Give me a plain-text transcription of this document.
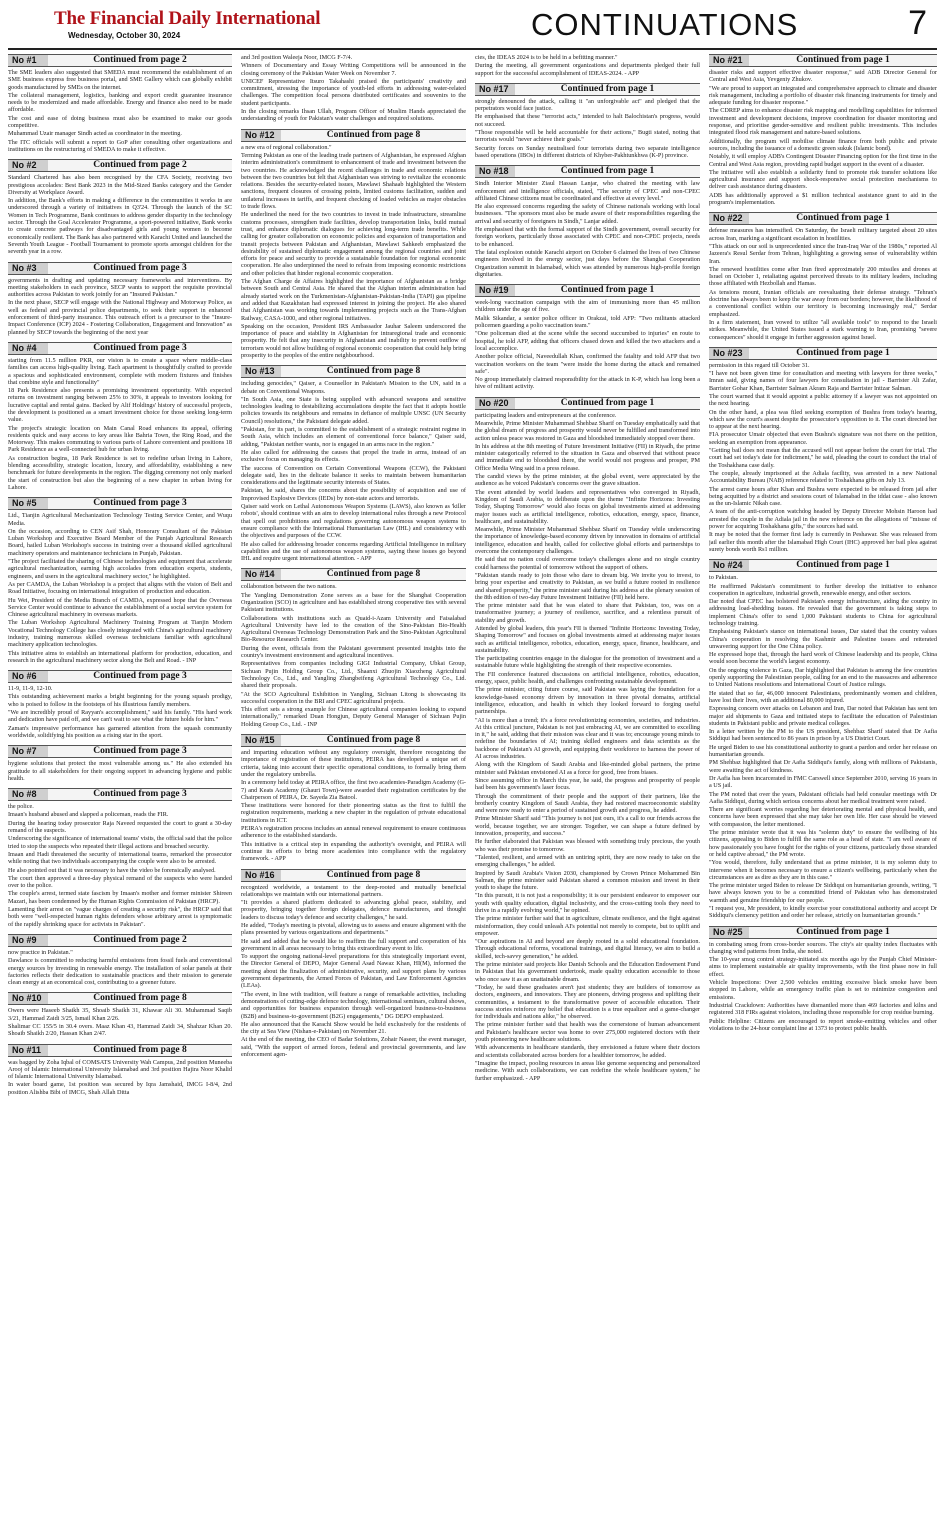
The Financial Daily International
Wednesday, October 30, 2024	CONTINUATIONS	7
No #1	Continued from page 2

The SME leaders also suggested that SMEDA must recommend the establishment of an SME business express free business portal, and SME Gallery which can globally exhibit goods manufactured by SMEs on the internet.

The collateral management, logistics, banking and export credit guarantee insurance needs to be modernized and made affordable. Energy and finance also need to be made affordable.

The cost and ease of doing business must also be examined to make our goods competitive.

Muhammad Uzair manager Sindh acted as coordinator in the meeting.

The ITC officials will submit a report to GoP after consulting other organizations and institutions on the restructuring of SMEDA to make it effective.

No #2	Continued from page 2

Standard Chartered has also been recognised by the CFA Society, receiving two prestigious accolades: Best Bank 2023 in the Mid-Sized Banks category and the Gender Diversity at Workplace Award.

In addition, the Bank's efforts in making a difference in the communities it works in are underscored through a variety of initiatives in Q3'24. Through the launch of the SC Women in Tech Programme, Bank continues to address gender disparity in the technology sector. Through the Goal Accelerator Programme, a sport-powered initiative, Bank works to create concrete pathways for disadvantaged girls and young women to become economically resilient. The Bank has also partnered with Karachi United and launched the Seventh Youth League - Football Tournament to promote sports amongst children for the seventh year in a row.

No #3	Continued from page 3

governments in drafting and updating necessary frameworks and interventions. By meeting stakeholders in each province, SECP wants to support the requisite provincial authorities across Pakistan to work jointly for an "Insured Pakistan."

In the next phase, SECP will engage with the National Highway and Motorway Police, as well as federal and provincial police departments, to seek their support in enhanced enforcement of third-party insurance. This outreach effort is a precursor to the "Insure-Impact Conference (ICP) 2024 - Fostering Collaboration, Engagement and Innovation" as planned by SECP towards the beginning of the next year

No #4	Continued from page 3

starting from 11.5 million PKR, our vision is to create a space where middle-class families can access high-quality living. Each apartment is thoughtfully crafted to provide a spacious and sophisticated environment, complete with modern fixtures and finishes that combine style and functionality"

18 Park Residence also presents a promising investment opportunity. With expected returns on investment ranging between 25% to 30%, it appeals to investors looking for lucrative capital and rental gains. Backed by Alif Holdings' history of successful projects, the development is positioned as a smart investment choice for those seeking long-term value.

The project's strategic location on Main Canal Road enhances its appeal, offering residents quick and easy access to key areas like Bahria Town, the Ring Road, and the Motorway. This makes commuting to various parts of Lahore convenient and positions 18 Park Residence as a well-connected hub for urban living.

As construction begins, 18 Park Residence is set to redefine urban living in Lahore, blending accessibility, strategic location, luxury, and affordability, establishing a new benchmark for future developments in the region. The digging ceremony not only marked the start of construction but also the beginning of a new chapter in urban living for Lahore.

No #5	Continued from page 3

Ltd., Tianjin Agricultural Mechanization Technology Testing Service Center, and Wuqu Media.

On the occasion, according to CEN Asif Shah, Honorary Consultant of the Pakistan Luban Workshop and Executive Board Member of the Punjab Agricultural Research Board, hailed Luban Workshop's success in training over a thousand skilled agricultural machinery operators and maintenance technicians in Punjab, Pakistan.

"The project facilitated the sharing of Chinese technologies and equipment that accelerate agricultural mechanization, earning high accolades from education experts, students, engineers, and users in the agricultural machinery sector," he highlighted.

As per CAMDA, the Luban Workshop is a project that aligns with the vision of Belt and Road Initiative, focusing on international integration of production and education.

Hu Wei, President of the Media Branch of CAMDA, expressed hope that the Overseas Service Center would continue to advance the establishment of a social service system for Chinese agricultural machinery in overseas markets.

The Luban Workshop Agricultural Machinery Training Program at Tianjin Modern Vocational Technology College has closely integrated with China's agricultural machinery industry, training numerous skilled overseas technicians familiar with agricultural machinery application technologies.

This initiative aims to establish an international platform for production, education, and research in the agricultural machinery sector along the Belt and Road. - INP

No #6	Continued from page 3

11-9, 11-9, 12-10.

This outstanding achievement marks a bright beginning for the young squash prodigy, who is poised to follow in the footsteps of his illustrious family members.

"We are incredibly proud of Rayyan's accomplishment," said his family. "His hard work and dedication have paid off, and we can't wait to see what the future holds for him."

Zaman's impressive performance has garnered attention from the squash community worldwide, solidifying his position as a rising star in the sport.

No #7	Continued from page 3

hygiene solutions that protect the most vulnerable among us." He also extended his gratitude to all stakeholders for their ongoing support in advancing hygiene and public health.

No #8	Continued from page 3

the police.

Imaan's husband abused and slapped a policeman, reads the FIR.

During the hearing today prosecutor Raja Naveed requested the court to grant a 30-day remand of the suspects.

Underscoring the significance of international teams' visits, the official said that the police tried to stop the suspects who repeated their illegal actions and breached security.

Imaan and Hadi threatened the security of international teams, remarked the prosecutor while noting that two individuals accompanying the couple were also to be arrested.

He also pointed out that it was necessary to have the video be forensically analysed.

The court then approved a three-day physical remand of the suspects who were handed over to the police.

The couple's arrest, termed state fascism by Imaan's mother and former minister Shireen Mazari, has been condemned by the Human Rights Commission of Pakistan (HRCP).

Lamenting their arrest on "vague charges of creating a security risk", the HRCP said that both were "well-respected human rights defenders whose arbitrary arrest is symptomatic of the rapidly shrinking space for activists in Pakistan".

No #9	Continued from page 2

now practice in Pakistan."

Dawlance is committed to reducing harmful emissions from fossil fuels and conventional energy sources by investing in renewable energy. The installation of solar panels at their factories reflects their dedication to sustainable practices and their mission to generate clean energy at an economical cost, contributing to a greener future.

No #10	Continued from page 8

Owers were Haseeb Shaikh 35, Shoaib Shaikh 31, Khawar Ali 30. Muhammad Saqib 3/21, Hammad Zaidi 3/25, Ismail Khan 2/26.

Shalimar CC 155/5 in 30.4 overs. Maaz Khan 43, Hammad Zaidi 34, Shahzar Khan 20. Shoaib Shaikh 2/20, Hassan Khan 2/47.

No #11	Continued from page 8

was bagged by Zoha Iqbal of COMSATS University Wah Campus, 2nd position Muneeba Arooj of Islamic International University Islamabad and 3rd position Hajira Noor Khalid of Islamic International University Islamabad.

In water board game, 1st position was secured by Iqra Jamshaid, IMCG I-8/4, 2nd position Alishba Bibi of IMCG, Shah Allah Ditta

and 3rd position Waleeja Noor, IMCG F-7/4.

Winners of Documentary and Essay Writing Competitions will be announced in the closing ceremony of the Pakistan Water Week on November 7.

UNICEF Representative Itsuro Takahashi praised the participants' creativity and commitment, stressing the importance of youth-led efforts in addressing water-related challenges. The competition focal persons distributed certificates and souvenirs to the student participants.

In the closing remarks Ihsan Ullah, Program Officer of Muslim Hands appreciated the understanding of youth for Pakistan's water challenges and required solutions.

No #12	Continued from page 8

a new era of regional collaboration."

Terming Pakistan as one of the leading trade partners of Afghanistan, he expressed Afghan interim administration's commitment to enhancement of trade and investment between the two countries. He acknowledged the recent challenges in trade and economic relations between the two countries but felt that Afghanistan was striving to revitalize the economic relations. Besides the security-related issues, Mawlawi Shahaab highlighted the Western sanctions, frequent closures of crossing points, limited customs facilitation, sudden and unilateral increases in tariffs, and frequent checking of loaded vehicles as major obstacles to trade flows.

He underlined the need for the two countries to invest in trade infrastructure, streamline customs processes, strengthen trade facilities, develop transportation links, build mutual trust, and enhance diplomatic dialogues for achieving long-term trade benefits. While calling for greater collaboration on economic policies and expansion of transportation and transit projects between Pakistan and Afghanistan, Mawlawi Sahkeeb emphasized the desirability of sustained diplomatic engagement among the regional countries and joint efforts for peace and security to provide a sustainable foundation for regional economic cooperation. He also underpinned the need to refrain from imposing economic restrictions and other policies that hinder regional economic cooperation.

The Afghan Charge de Affaires highlighted the importance of Afghanistan as a bridge between South and Central Asia. He shared that the Afghan interim administration had already started work on the Turkmenistan-Afghanistan-Pakistan-India (TAPI) gas pipeline and added that Kazakhstan had expressed interest in joining the project. He also shared that Afghanistan was working towards implementing projects such as the Trans-Afghan Railway, CASA-1000, and other regional initiatives.

Speaking on the occasion, President IRS Ambassador Jauhar Saleem underscored the importance of peace and stability in Afghanistan for intraregional trade and economic prosperity. He felt that any insecurity in Afghanistan and inability to prevent outflow of terrorism would not allow building of regional economic cooperation that could help bring prosperity to the peoples of the entire neighbourhood.

No #13	Continued from page 8

including genocides," Qaiser, a Counsellor in Pakistan's Mission to the UN, said in a debate on Conventional Weapons.

"In South Asia, one State is being supplied with advanced weapons and sensitive technologies leading to destabilizing accumulations despite the fact that it adopts hostile policies towards its neighbours and remains in defiance of multiple UNSC (UN Security Council) resolutions," the Pakistani delegate added.

"Pakistan, for its part, is committed to the establishment of a strategic restraint regime in South Asia, which includes an element of conventional force balance," Qaiser said, adding, "Pakistan neither wants, nor is engaged in an arms race in the region."

He also called for addressing the causes that propel the trade in arms, instead of an exclusive focus on managing its effects.

The success of Convention on Certain Conventional Weapons (CCW), the Pakistani delegate said, lies in the delicate balance it seeks to maintain between humanitarian considerations and the legitimate security interests of States.

Pakistan, he said, shares the concerns about the possibility of acquisition and use of Improvised Explosive Devices (IEDs) by non-state actors and terrorists.

Qaiser said work on Lethal Autonomous Weapon Systems (LAWS), also known as 'killer robots', should continue with an aim to develop international rules through a new Protocol that spell out prohibitions and regulations governing autonomous weapon systems to ensure compliance with the International Humanitarian Law (IHL) and consistency with the objectives and purposes of the CCW.

He also called for addressing broader concerns regarding Artificial Intelligence in military capabilities and the use of autonomous weapon systems, saying these issues go beyond IHL and require urgent international attention. - APP

No #14	Continued from page 8

collaboration between the two nations.

The Yangling Demonstration Zone serves as a base for the Shanghai Cooperation Organization (SCO) in agriculture and has established strong cooperative ties with several Pakistani institutions.

Collaborations with institutions such as Quaid-i-Azam University and Faisalabad Agricultural University have led to the creation of the Sino-Pakistan Bio-Health Agricultural Overseas Technology Demonstration Park and the Sino-Pakistan Agricultural Bio-Resource Research Center.

During the event, officials from the Pakistani government presented insights into the country's investment environment and agricultural incentives.

Representatives from companies including GIGI Industrial Company, Ubkai Group, Sichuan Pujin Holding Group Co., Ltd., Shaanxi Zhuojin Xiaozheng Agricultural Technology Co., Ltd., and Yangling Zhangbeifeng Agricultural Technology Co., Ltd. shared their proposals.

"At the SCO Agricultural Exhibition in Yangling, Sichuan Litong is showcasing its successful cooperation in the BRI and CPEC agricultural projects.

This effort sets a strong example for Chinese agricultural companies looking to expand internationally," remarked Duan Hongjun, Deputy General Manager of Sichuan Pujin Holding Group Co., Ltd. - INP

No #15	Continued from page 8

and imparting education without any regulatory oversight, therefore recognizing the importance of registration of these institutions, PEIRA has developed a unique set of criteria, taking into account their specific operational conditions, to formally bring them under the regulatory umbrella.

In a ceremony held today at PEIRA office, the first two academies-Paradigm Academy (G-7) and Keats Academy (Ghauri Town)-were awarded their registration certificates by the Chairperson of PEIRA, Dr. Sayeda Zia Batool.

These institutions were honored for their pioneering status as the first to fulfill the registration requirements, marking a new chapter in the regulation of private educational institutions in ICT.

PEIRA's registration process includes an annual renewal requirement to ensure continuous adherence to the established standards.

This initiative is a critical step in expanding the authority's oversight, and PEIRA will continue its efforts to bring more academies into compliance with the regulatory framework. - APP

No #16	Continued from page 8

recognized worldwide, a testament to the deep-rooted and mutually beneficial relationships we maintain with our international partners.

"It provides a shared platform dedicated to advancing global peace, stability, and prosperity, bringing together foreign delegates, defence manufacturers, and thought leaders to discuss today's defence and security challenges," he said.

He added, "Today's meeting is pivotal, allowing us to assess and ensure alignment with the plans presented by various organizations and departments."

He said and added that he would like to reaffirm the full support and cooperation of his government in all areas necessary to bring this extraordinary event to life.

To support the ongoing national-level preparations for this strategically important event, the Director General of DEPO, Major General Asad Nawaz Khan, HI(M), informed the meeting about the finalization of administrative, security, and support plans by various government departments, the Armed Forces of Pakistan, and Law Enforcement Agencies (LEAs).

"The event, in line with tradition, will feature a range of remarkable activities, including demonstrations of cutting-edge defence technology, international seminars, cultural shows, and opportunities for business expansion through well-organized business-to-business (B2B) and business-to-government (B2G) engagements," DG DEPO emphasized.

He also announced that the Karachi Show would be held exclusively for the residents of the city at Sea View (Nishan-e-Pakistan) on November 21.

At the end of the meeting, the CEO of Badar Solutions, Zohair Naseer, the event manager, said, "With the support of armed forces, federal and provincial governments, and law enforcement agen-

cies, the IDEAS 2024 is to be held in a befitting manner."

During the meeting, all government organizations and departments pledged their full support for the successful accomplishment of IDEAS-2024. - APP

No #17	Continued from page 1

strongly denounced the attack, calling it "an unforgivable act" and pledged that the perpetrators would face justice.

He emphasised that these "terrorist acts," intended to halt Balochistan's progress, would not succeed.

"Those responsible will be held accountable for their actions," Bugti stated, noting that terrorists would "never achieve their goals."

Security forces on Sunday neutralised four terrorists during two separate intelligence based operations (IBOs) in different districts of Khyber-Pakhtunkhwa (K-P) province.

No #18	Continued from page 1

Sindh Interior Minister Ziaul Hassan Lanjar, who chaired the meeting with law enforcement and intelligence officials, stated, "The security of CPEC and non-CPEC affiliated Chinese citizens must be coordinated and effective at every level."

He also expressed concerns regarding the safety of Chinese nationals working with local businesses. "The sponsors must also be made aware of their responsibilities regarding the arrival and security of foreigners in Sindh," Lanjar added.

He emphasised that with the formal support of the Sindh government, overall security for foreign workers, particularly those associated with CPEC and non-CPEC projects, needs to be enhanced.

The fatal explosion outside Karachi airport on October 6 claimed the lives of two Chinese engineers involved in the energy sector, just days before the Shanghai Cooperation Organization summit in Islamabad, which was attended by numerous high-profile foreign dignitaries.

No #19	Continued from page 1

week-long vaccination campaign with the aim of immunising more than 45 million children under the age of five.

Malik Sikandar, a senior police officer in Orakzai, told AFP: "Two militants attacked policemen guarding a polio vaccination team."

"One policeman died at the scene while the second succumbed to injuries" en route to hospital, he told AFP, adding that officers chased down and killed the two attackers and a local accomplice.

Another police official, Naveedullah Khan, confirmed the fatality and told AFP that two vaccination workers on the team "were inside the home during the attack and remained safe".

No group immediately claimed responsibility for the attack in K-P, which has long been a hive of militant activity.

No #20	Continued from page 1

participating leaders and entrepreneurs at the conference.

Meanwhile, Prime Minister Muhammad Shehbaz Sharif on Tuesday emphatically said that the global dream of progress and prosperity would never be fulfilled and transformed into action unless peace was restored in Gaza and bloodshed immediately stopped over there.

In his address at the 8th meeting of Future Investment Initiative (FII) in Riyadh, the prime minister categorically referred to the situation in Gaza and observed that without peace and immediate end to bloodshed there, the world would not progress and prosper, PM Office Media Wing said in a press release.

The candid views by the prime minister, at the global event, were appreciated by the audience as he voiced Pakistan's concerns over the grave situation.

The event attended by world leaders and representatives who converged in Riyadh, Kingdom of Saudi Arabia, to deliberate upon the theme "Infinite Horizons: Investing Today, Shaping Tomorrow" would also focus on global investments aimed at addressing major issues such as artificial intelligence, robotics, education, energy, space, finance, healthcare, and sustainability.

Meanwhile, Prime Minister Muhammad Shehbaz Sharif on Tuesday while underscoring the importance of knowledge-based economy driven by innovation in domains of artificial intelligence, education and health, called for collective global efforts and partnerships to overcome the contemporary challenges.

He said that no nation could overcome today's challenges alone and no single country could harness the potential of tomorrow without the support of others.

"Pakistan stands ready to join those who dare to dream big. We invite you to invest, to bring your expertise and creativity to Pakistan, as we build a future rooted in resilience and shared prosperity," the prime minister said during his address at the plenary session of the 8th edition of two-day Future Investment Initiative (FII) held here.

The prime minister said that he was elated to share that Pakistan, too, was on a transformative journey; a journey of resilience, sacrifice, and a relentless pursuit of stability and growth.

Attended by global leaders, this year's FII is themed "Infinite Horizons: Investing Today, Shaping Tomorrow" and focuses on global investments aimed at addressing major issues such as artificial intelligence, robotics, education, energy, space, finance, healthcare, and sustainability.

The participating countries engage in the dialogue for the promotion of investment and a sustainable future while highlighting the strength of their respective economies.

The FII conference featured discussions on artificial intelligence, robotics, education, energy, space, public health, and challenges confronting sustainable development.

The prime minister, citing future course, said Pakistan was laying the foundation for a knowledge-based economy driven by innovation in three pivotal domains, artificial intelligence, education, and health in which they looked forward to forging useful partnerships.

"AI is more than a trend; it's a force revolutionizing economies, societies, and industries. At this critical juncture, Pakistan is not just embracing AI, we are committed to excelling in it," he said, adding that their mission was clear and it was to; encourage young minds to redefine the boundaries of AI; training skilled engineers and data scientists as the backbone of Pakistan's AI growth, and equipping their workforce to harness the power of AI across industries.

Along with the Kingdom of Saudi Arabia and like-minded global partners, the prime minister said Pakistan envisioned AI as a force for good, free from biases.

Since assuming office in March this year, he said, the progress and prosperity of people had been his government's laser focus.

Through the commitment of their people and the support of their partners, like the brotherly country Kingdom of Saudi Arabia, they had restored macroeconomic stability and were now ready to enter a period of sustained growth and progress, he added.

Prime Minister Sharif said "This journey is not just ours, it's a call to our friends across the world, because together, we are stronger. Together, we can shape a future defined by innovation, prosperity, and success."

He further elaborated that Pakistan was blessed with something truly precious, the youth who was their promise to tomorrow.

"Talented, resilient, and armed with an untiring spirit, they are now ready to take on the emerging challenges," he added.

Inspired by Saudi Arabia's Vision 2030, championed by Crown Prince Mohammed Bin Salman, the prime minister said Pakistan shared a common mission and invest in their youth to shape the future.

"In this pursuit, it is not just a responsibility; it is our persistent endeavor to empower our youth with quality education, digital inclusivity, and the cross-cutting tools they need to thrive in a rapidly evolving world," he opined.

The prime minister further said that in agriculture, climate resilience, and the fight against misinformation, they could unleash AI's potential not merely to compete, but to uplift and empower.

"Our aspirations in AI and beyond are deeply rooted in a solid educational foundation. Through educational reforms, vocational trainings, and digital literacy, we aim to build a skilled, tech-savvy generation," he added.

The prime minister said projects like Danish Schools and the Education Endowment Fund in Pakistan that his government undertook, made quality education accessible to those who once saw it as an unattainable dream.

"Today, he said these graduates aren't just students; they are builders of tomorrow as doctors, engineers, and innovators. They are pioneers, driving progress and uplifting their communities, a testament to the transformative power of accessible education. Their success stories reinforce my belief that education is a true equalizer and a game-changer for individuals and nations alike," he observed.

The prime minister further said that health was the cornerstone of human advancement and Pakistan's healthcare sector was home to over 275,000 registered doctors with their youth pioneering new healthcare solutions.

With advancements in healthcare standards, they envisioned a future where their doctors and scientists collaborated across borders for a healthier tomorrow, he added.

"Imagine the impact, pooling resources in areas like genome sequencing and personalized medicine. With such collaborations, we can redefine the whole healthcare system," he further emphasized. - APP

No #21	Continued from page 1

disaster risks and support effective disaster response," said ADB Director General for Central and West Asia, Yevgeniy Zhukov.

"We are proud to support an integrated and comprehensive approach to climate and disaster risk management, including a portfolio of disaster risk financing instruments for timely and adequate funding for disaster response."

The CDREP aims to enhance disaster risk mapping and modelling capabilities for informed investment and development decisions, improve coordination for disaster monitoring and response, and prioritise gender-sensitive and resilient public investments. This includes integrated flood risk management and nature-based solutions.

Additionally, the program will mobilise climate finance from both public and private sources, including the issuance of a domestic green sukuk (Islamic bond).

Notably, it will employ ADB's Contingent Disaster Financing option for the first time in the Central and West Asia region, providing rapid budget support in the event of a disaster.

The initiative will also establish a solidarity fund to promote risk transfer solutions like agricultural insurance and support shock-responsive social protection mechanisms to deliver cash assistance during disasters.

ADB has additionally approved a $1 million technical assistance grant to aid in the program's implementation.

No #22	Continued from page 1

defense measures has intensified. On Saturday, the Israeli military targeted about 20 sites across Iran, marking a significant escalation in hostilities.

"This attack on our soil is unprecedented since the Iran-Iraq War of the 1980s," reported Al Jazeera's Resul Serdar from Tehran, highlighting a growing sense of vulnerability within Iran.

The renewed hostilities come after Iran fired approximately 200 missiles and drones at Israel on October 1, retaliating against perceived threats to its military leaders, including those affiliated with Hezbollah and Hamas.

As tensions mount, Iranian officials are reevaluating their defense strategy. "Tehran's doctrine has always been to keep the war away from our borders; however, the likelihood of a conventional conflict within our territory is becoming increasingly real," Serdar emphasized.

In a firm statement, Iran vowed to utilize "all available tools" to respond to the Israeli strikes. Meanwhile, the United States issued a stark warning to Iran, promising "severe consequences" should it engage in further aggression against Israel.

No #23	Continued from page 1

permission in this regard till October 31.

"I have not been given time for consultation and meeting with lawyers for three weeks," Imran said, giving names of four lawyers for consultation in jail - Barrister Ali Zafar, Barrister Gohar Khan, Barrister Salman Akram Raja and Barrister Intizar Salman.

The court warned that it would appoint a public attorney if a lawyer was not appointed on the next hearing.

On the other hand, a plea was filed seeking exemption of Bushra from today's hearing, which saw the court's assent despite the prosecutor's opposition to it. The court directed her to appear at the next hearing.

FIA prosecutor Umair objected that even Bushra's signature was not there on the petition, seeking an exemption from appearance.

"Getting bail does not mean that the accused will not appear before the court for trial. The court had set today's date for indictment," he said, pleading the court to conduct the trial of the Toshakhana case daily.

The couple, already imprisoned at the Adiala facility, was arrested in a new National Accountability Bureau (NAB) reference related to Toshakhana gifts on July 13.

The arrest came hours after Khan and Bushra were expected to be released from jail after being acquitted by a district and sessions court of Islamabad in the iddat case - also known as the un-Islamic Nikah case.

A team of the anti-corruption watchdog headed by Deputy Director Mohsin Haroon had arrested the couple in the Adiala jail in the new reference on the allegations of "misuse of power for acquiring Toshakhana gifts," the sources had said.

It may be noted that the former first lady is currently in Peshawar. She was released from jail earlier this month after the Islamabad High Court (IHC) approved her bail plea against surety bonds worth Rs1 million.

No #24	Continued from page 1

to Pakistan.

He reaffirmed Pakistan's commitment to further develop the initiative to enhance cooperation in agriculture, industrial growth, renewable energy, and other sectors.

Dar noted that CPEC has bolstered Pakistan's energy infrastructure, aiding the country in addressing load-shedding issues. He revealed that the government is taking steps to implement China's offer to send 1,000 Pakistani students to China for agricultural technology training.

Emphasising Pakistan's stance on international issues, Dar stated that the country values China's cooperation in resolving the Kashmir and Palestine issues and reiterated unwavering support for the One China policy.

He expressed hope that, through the hard work of Chinese leadership and its people, China would soon become the world's largest economy.

On the ongoing violence in Gaza, Dar highlighted that Pakistan is among the few countries openly supporting the Palestinian people, calling for an end to the massacres and adherence to United Nations resolutions and International Court of Justice rulings.

He stated that so far, 46,000 innocent Palestinians, predominantly women and children, have lost their lives, with an additional 80,000 injured.

Expressing concern over attacks on Lebanon and Iran, Dar noted that Pakistan has sent ten major aid shipments to Gaza and initiated steps to facilitate the education of Palestinian students in Pakistani public and private medical colleges.

In a letter written by the PM to the US president, Shehbaz Sharif stated that Dr Aafia Siddiqui had been sentenced to 86 years in prison by a US District Court.

He urged Biden to use his constitutional authority to grant a pardon and order her release on humanitarian grounds.

PM Shehbaz highlighted that Dr Aafia Siddiqui's family, along with millions of Pakistanis, were awaiting the act of kindness.

Dr Aafia has been incarcerated in FMC Carswell since September 2010, serving 16 years in a US jail.

The PM noted that over the years, Pakistani officials had held consular meetings with Dr Aafia Siddiqui, during which serious concerns about her medical treatment were raised.

There are significant worries regarding her deteriorating mental and physical health, and concerns have been expressed that she may take her own life. Her case should be viewed with compassion, the letter mentioned.

The prime minister wrote that it was his "solemn duty" to ensure the wellbeing of his citizens, appealing to Biden to fulfill the same role as a head of state. "I am well aware of how passionately you have fought for the rights of your citizens, particularly those stranded or held captive abroad," the PM wrote.

"You would, therefore, fully understand that as prime minister, it is my solemn duty to intervene when it becomes necessary to ensure a citizen's wellbeing, particularly when the circumstances are as dire as they are in this case."

The prime minister urged Biden to release Dr Siddiqui on humanitarian grounds, writing, "I have always known you to be a committed friend of Pakistan who has demonstrated warmth and genuine friendship for our people.

"I request you, Mr president, to kindly exercise your constitutional authority and accept Dr Siddiqui's clemency petition and order her release, strictly on humanitarian grounds."

No #25	Continued from page 1

in combating smog from cross-border sources. The city's air quality index fluctuates with changing wind patterns from India, she noted.

The 10-year smog control strategy-initiated six months ago by the Punjab Chief Minister-aims to implement sustainable air quality improvements, with the first phase now in full effect.

Vehicle Inspections: Over 2,500 vehicles emitting excessive black smoke have been stopped in Lahore, while an emergency traffic plan is set to minimize congestion and emissions.

Industrial Crackdown: Authorities have dismantled more than 469 factories and kilns and registered 318 FIRs against violators, including those responsible for crop residue burning.

Public Helpline: Citizens are encouraged to report smoke-emitting vehicles and other violations to the 24-hour complaint line at 1373 to protect public health.
